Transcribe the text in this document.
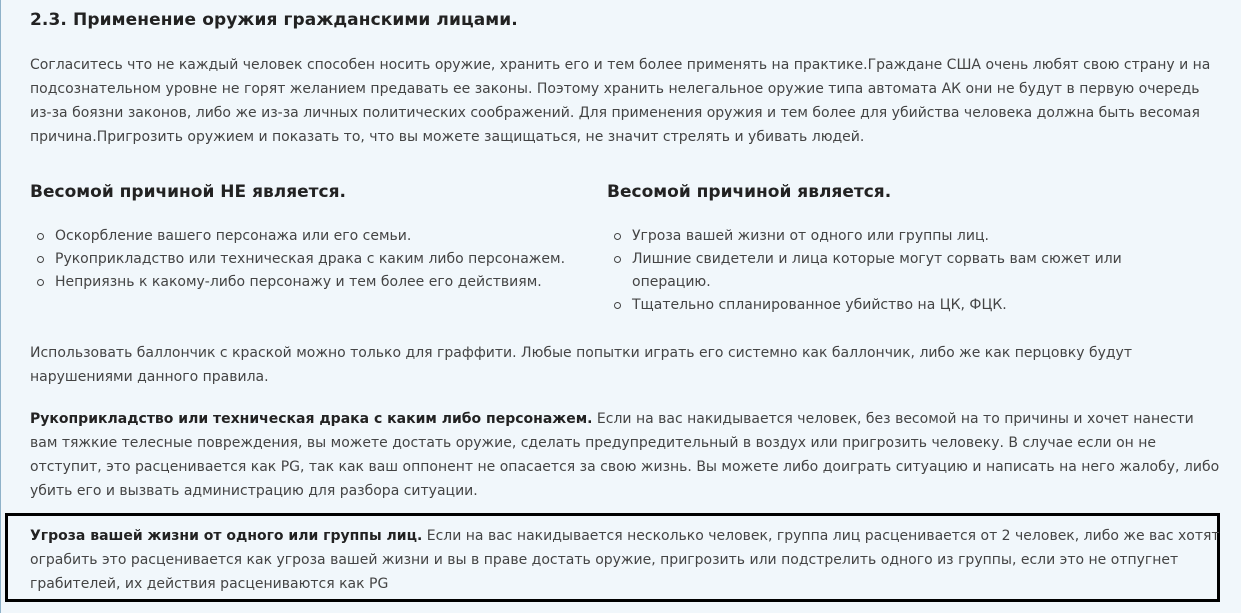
2.3. Применение оружия гражданскими лицами.

Согласитесь что не каждый человек способен носить оружие, хранить его и тем более применять на практике.Граждане США очень любят свою страну и на подсознательном уровне не горят желанием предавать ее законы. Поэтому хранить нелегальное оружие типа автомата АК они не будут в первую очередь из-за боязни законов, либо же из-за личных политических соображений. Для применения оружия и тем более для убийства человека должна быть весомая причина.Пригрозить оружием и показать то, что вы можете защищаться, не значит стрелять и убивать людей.

Весомой причиной НЕ является.	Весомой причиной является.
Оскорбление вашего персонажа или его семьи.
Рукоприкладство или техническая драка с каким либо персонажем.
Неприязнь к какому-либо персонажу и тем более его действиям.
Угроза вашей жизни от одного или группы лиц.
Лишние свидетели и лица которые могут сорвать вам сюжет или операцию.
Тщательно спланированное убийство на ЦК, ФЦК.

Использовать баллончик с краской можно только для граффити. Любые попытки играть его системно как баллончик, либо же как перцовку будут нарушениями данного правила.

Рукоприкладство или техническая драка с каким либо персонажем. Если на вас накидывается человек, без весомой на то причины и хочет нанести вам тяжкие телесные повреждения, вы можете достать оружие, сделать предупредительный в воздух или пригрозить человеку. В случае если он не отступит, это расценивается как PG, так как ваш оппонент не опасается за свою жизнь. Вы можете либо доиграть ситуацию и написать на него жалобу, либо убить его и вызвать администрацию для разбора ситуации.

Угроза вашей жизни от одного или группы лиц. Если на вас накидывается несколько человек, группа лиц расценивается от 2 человек, либо же вас хотят ограбить это расценивается как угроза вашей жизни и вы в праве достать оружие, пригрозить или подстрелить одного из группы, если это не отпугнет грабителей, их действия расцениваются как PG
